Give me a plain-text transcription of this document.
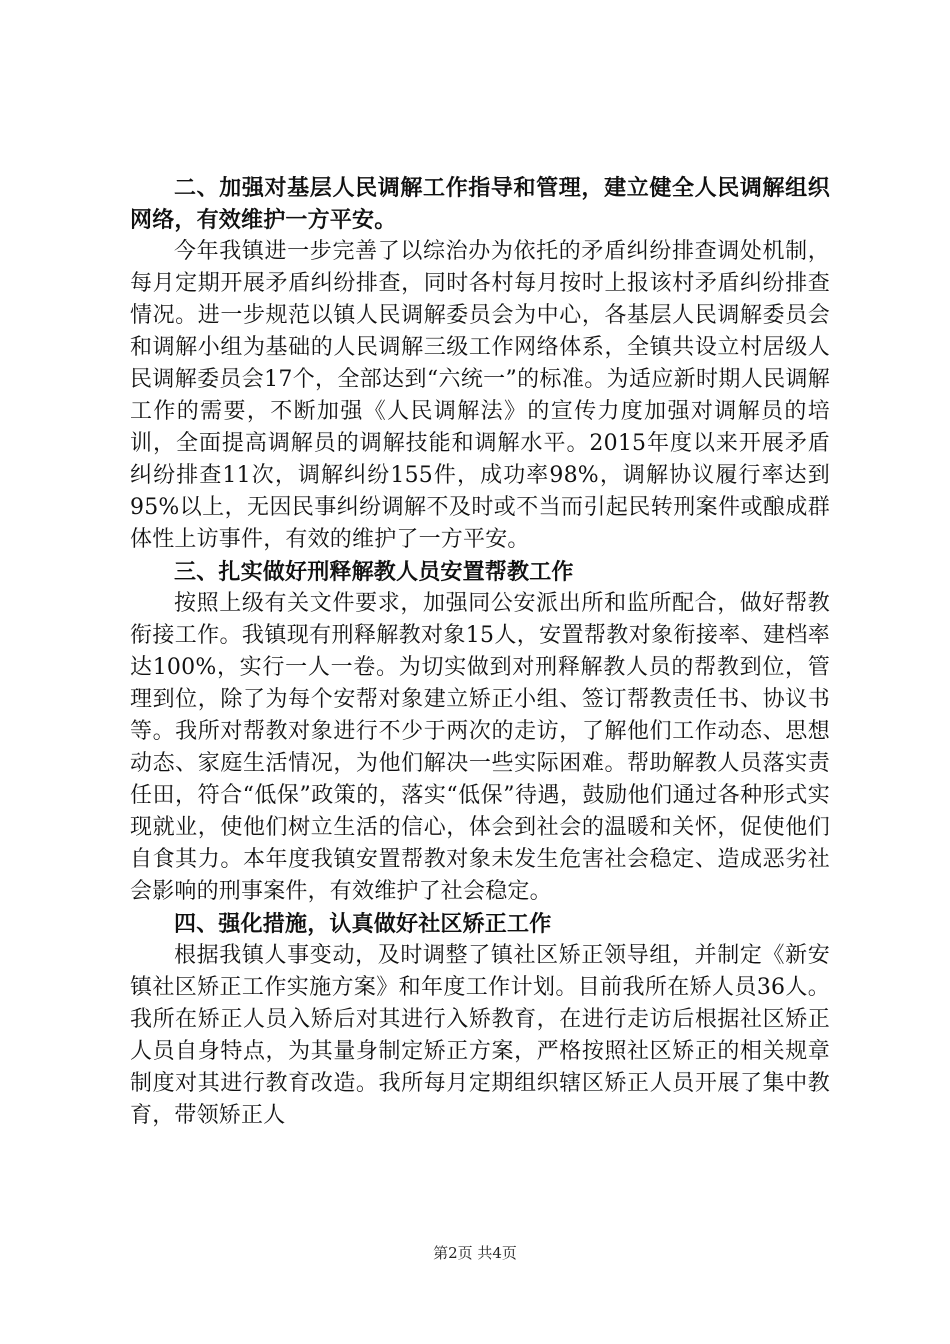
二、加强对基层人民调解工作指导和管理，建立健全人民调解组织网络，有效维护一方平安。

今年我镇进一步完善了以综治办为依托的矛盾纠纷排查调处机制，每月定期开展矛盾纠纷排查，同时各村每月按时上报该村矛盾纠纷排查情况。进一步规范以镇人民调解委员会为中心，各基层人民调解委员会和调解小组为基础的人民调解三级工作网络体系，全镇共设立村居级人民调解委员会17个，全部达到“六统一”的标准。为适应新时期人民调解工作的需要，不断加强《人民调解法》的宣传力度加强对调解员的培训，全面提高调解员的调解技能和调解水平。2015年度以来开展矛盾纠纷排查11次，调解纠纷155件，成功率98%，调解协议履行率达到95%以上，无因民事纠纷调解不及时或不当而引起民转刑案件或酿成群体性上访事件，有效的维护了一方平安。

三、扎实做好刑释解教人员安置帮教工作

按照上级有关文件要求，加强同公安派出所和监所配合，做好帮教衔接工作。我镇现有刑释解教对象15人，安置帮教对象衔接率、建档率达100%，实行一人一卷。为切实做到对刑释解教人员的帮教到位，管理到位，除了为每个安帮对象建立矫正小组、签订帮教责任书、协议书等。我所对帮教对象进行不少于两次的走访，了解他们工作动态、思想动态、家庭生活情况，为他们解决一些实际困难。帮助解教人员落实责任田，符合“低保”政策的，落实“低保”待遇，鼓励他们通过各种形式实现就业，使他们树立生活的信心，体会到社会的温暖和关怀，促使他们自食其力。本年度我镇安置帮教对象未发生危害社会稳定、造成恶劣社会影响的刑事案件，有效维护了社会稳定。

四、强化措施，认真做好社区矫正工作

根据我镇人事变动，及时调整了镇社区矫正领导组，并制定《新安镇社区矫正工作实施方案》和年度工作计划。目前我所在矫人员36人。我所在矫正人员入矫后对其进行入矫教育，在进行走访后根据社区矫正人员自身特点，为其量身制定矫正方案，严格按照社区矫正的相关规章制度对其进行教育改造。我所每月定期组织辖区矫正人员开展了集中教育，带领矫正人

第2页 共4页
